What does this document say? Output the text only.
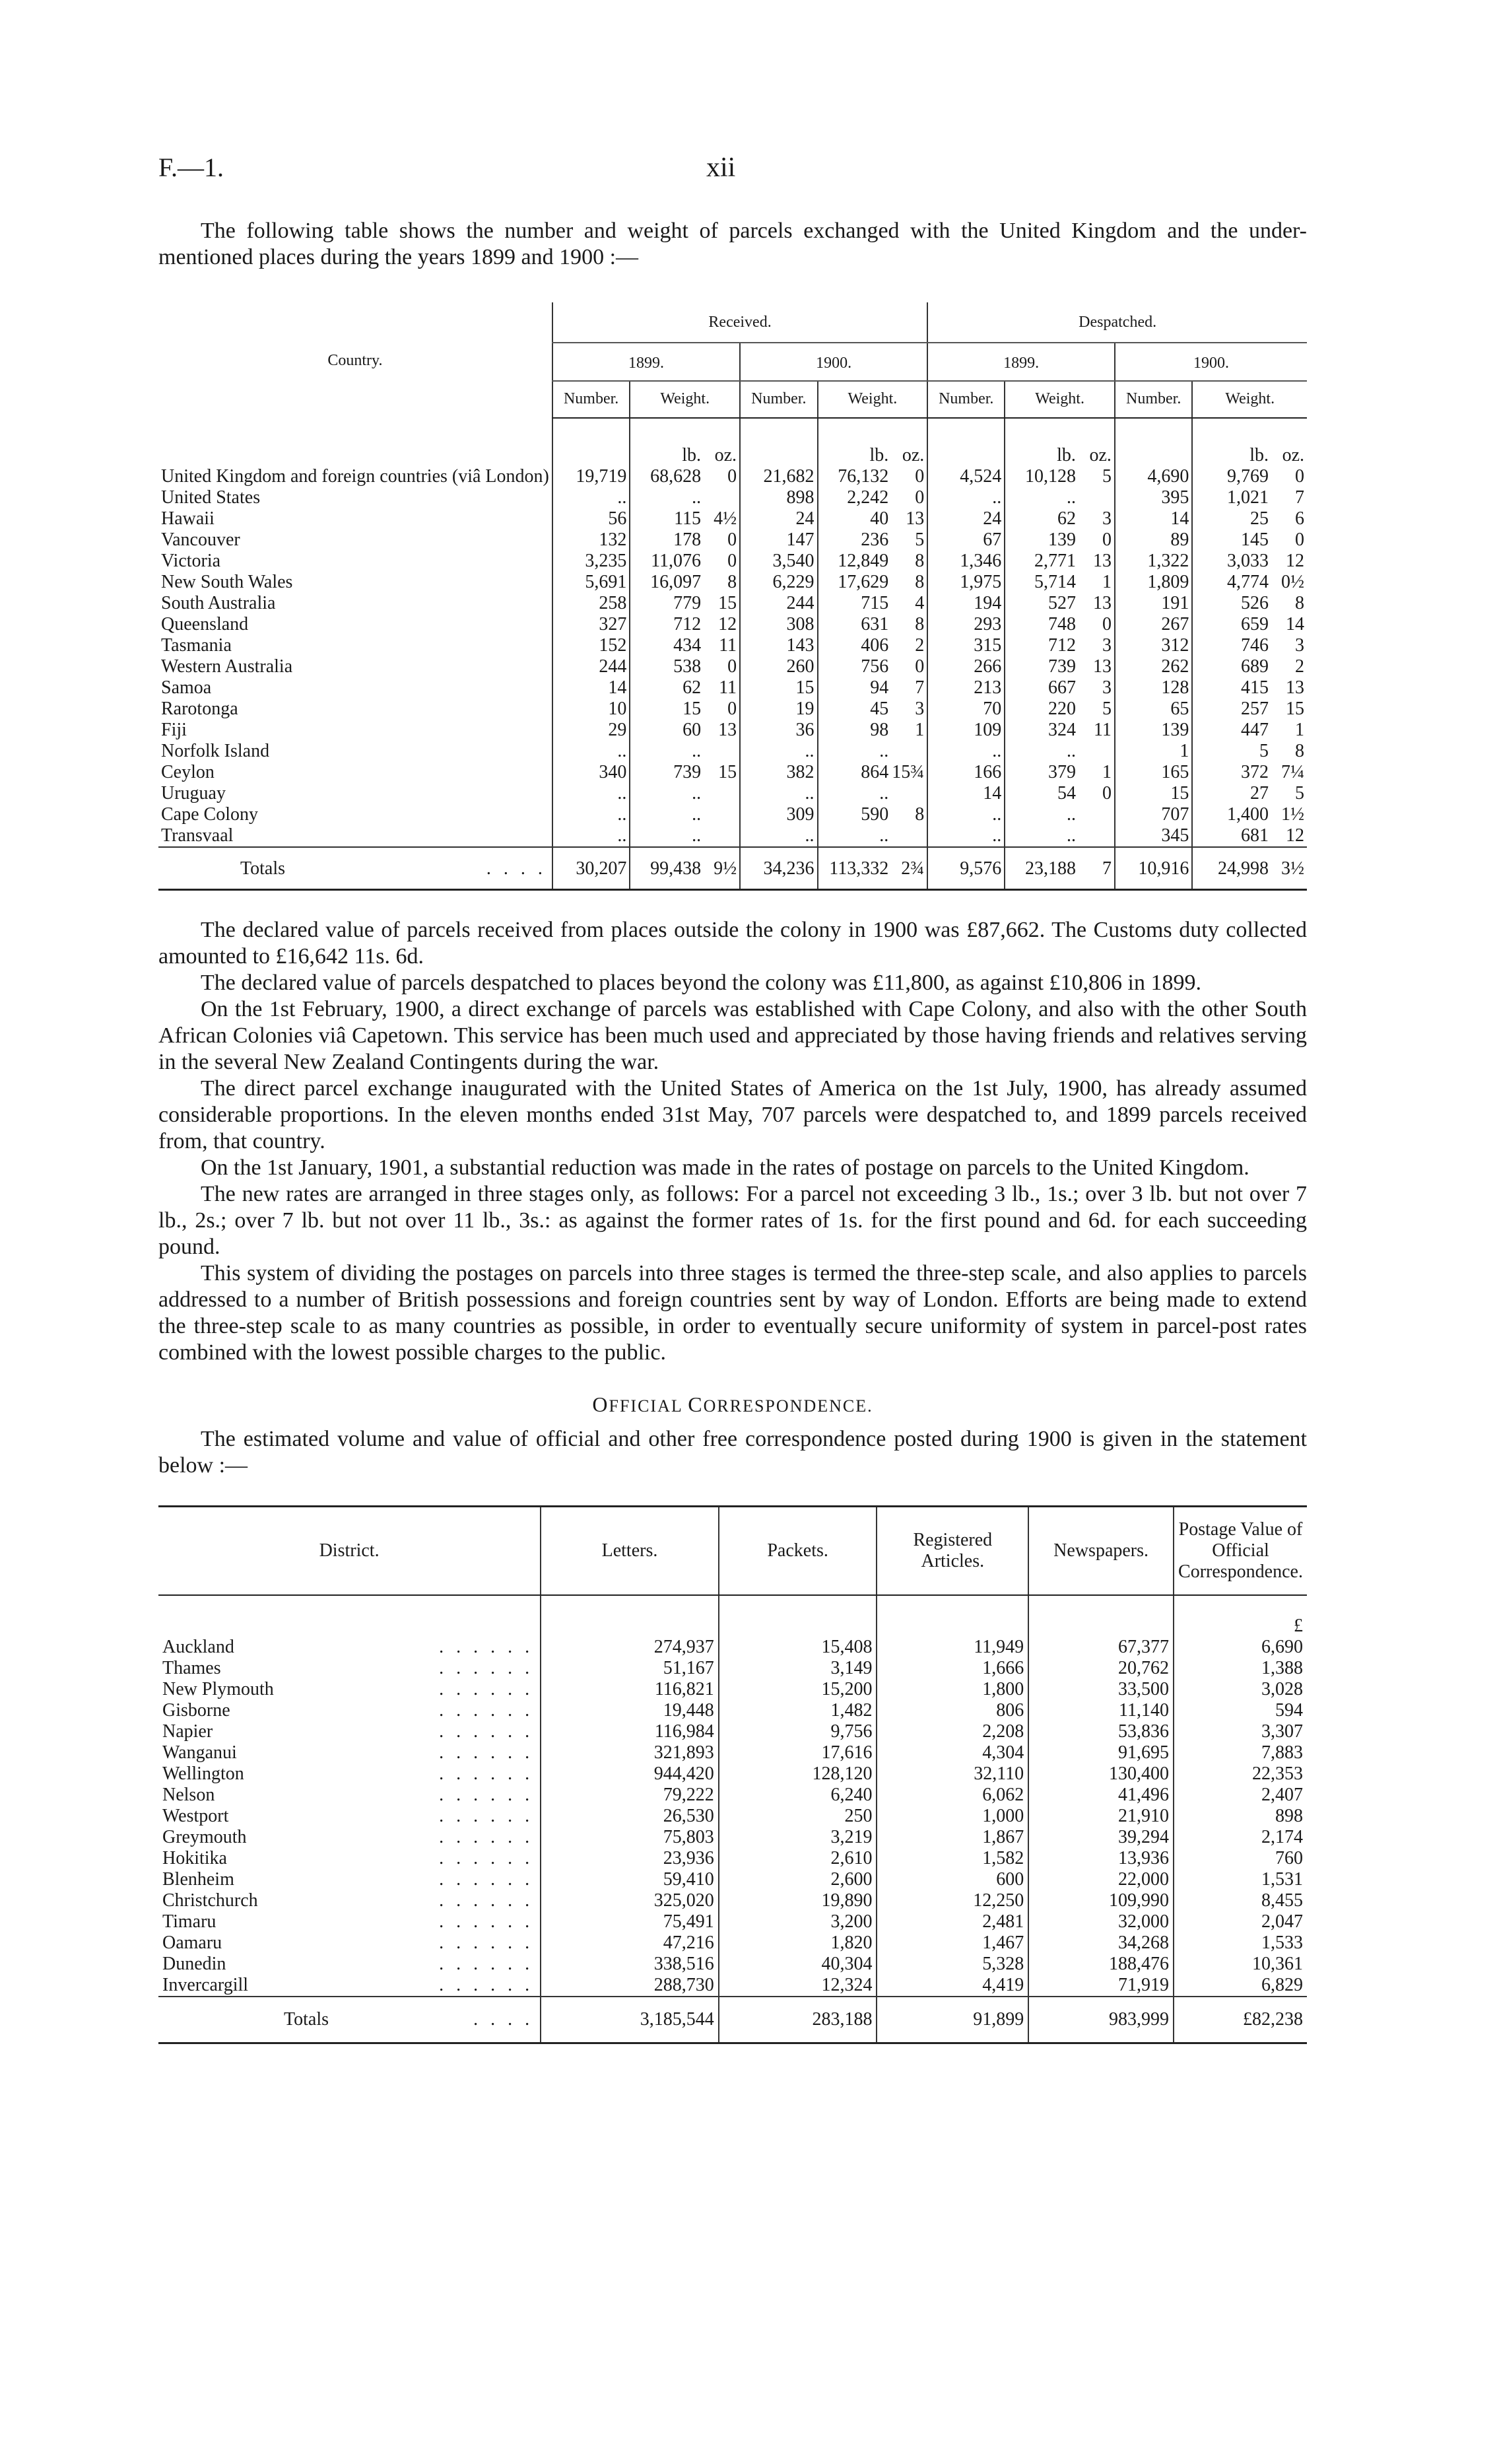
F.—1.	xii

The following table shows the number and weight of parcels exchanged with the United Kingdom and the under-mentioned places during the years 1899 and 1900 :—

Country.	Received.				Despatched.			
	1899.		1900.		1899.		1900.	
	Number.	Weight.	Number.	Weight.	Number.	Weight.	Number.	Weight.
		lb. oz.		lb. oz.		lb. oz.		lb. oz.
United Kingdom and foreign countries (viâ London)	19,719	68,628 0	21,682	76,132 0	4,524	10,128 5	4,690	9,769 0
United States	..	..	898	2,242 0	..	..	395	1,021 7
Hawaii	56	115 4½	24	40 13	24	62 3	14	25 6
Vancouver	132	178 0	147	236 5	67	139 0	89	145 0
Victoria	3,235	11,076 0	3,540	12,849 8	1,346	2,771 13	1,322	3,033 12
New South Wales	5,691	16,097 8	6,229	17,629 8	1,975	5,714 1	1,809	4,774 0½
South Australia	258	779 15	244	715 4	194	527 13	191	526 8
Queensland	327	712 12	308	631 8	293	748 0	267	659 14
Tasmania	152	434 11	143	406 2	315	712 3	312	746 3
Western Australia	244	538 0	260	756 0	266	739 13	262	689 2
Samoa	14	62 11	15	94 7	213	667 3	128	415 13
Rarotonga	10	15 0	19	45 3	70	220 5	65	257 15
Fiji	29	60 13	36	98 1	109	324 11	139	447 1
Norfolk Island	..	..	..	..	..	..	1	5 8
Ceylon	340	739 15	382	864 15¾	166	379 1	165	372 7¼
Uruguay	..	..	..	..	14	54 0	15	27 5
Cape Colony	..	..	309	590 8	..	..	707	1,400 1½
Transvaal	..	..	..	..	..	..	345	681 12
Totals . . . .	30,207	99,438 9½	34,236	113,332 2¾	9,576	23,188 7	10,916	24,998 3½

The declared value of parcels received from places outside the colony in 1900 was £87,662. The Customs duty collected amounted to £16,642 11s. 6d.

The declared value of parcels despatched to places beyond the colony was £11,800, as against £10,806 in 1899.

On the 1st February, 1900, a direct exchange of parcels was established with Cape Colony, and also with the other South African Colonies viâ Capetown. This service has been much used and appreciated by those having friends and relatives serving in the several New Zealand Contingents during the war.

The direct parcel exchange inaugurated with the United States of America on the 1st July, 1900, has already assumed considerable proportions. In the eleven months ended 31st May, 707 parcels were despatched to, and 1899 parcels received from, that country.

On the 1st January, 1901, a substantial reduction was made in the rates of postage on parcels to the United Kingdom.

The new rates are arranged in three stages only, as follows: For a parcel not exceeding 3 lb., 1s.; over 3 lb. but not over 7 lb., 2s.; over 7 lb. but not over 11 lb., 3s.: as against the former rates of 1s. for the first pound and 6d. for each succeeding pound.

This system of dividing the postages on parcels into three stages is termed the three-step scale, and also applies to parcels addressed to a number of British possessions and foreign countries sent by way of London. Efforts are being made to extend the three-step scale to as many countries as possible, in order to eventually secure uniformity of system in parcel-post rates combined with the lowest possible charges to the public.

OFFICIAL CORRESPONDENCE.

The estimated volume and value of official and other free correspondence posted during 1900 is given in the statement below :—

District.	Letters.	Packets.	Registered Articles.	Newspapers.	Postage Value of Official Correspondence.
					£
Auckland . . . . . .	274,937	15,408	11,949	67,377	6,690
Thames . . . . . .	51,167	3,149	1,666	20,762	1,388
New Plymouth . . . . . .	116,821	15,200	1,800	33,500	3,028
Gisborne . . . . . .	19,448	1,482	806	11,140	594
Napier . . . . . .	116,984	9,756	2,208	53,836	3,307
Wanganui . . . . . .	321,893	17,616	4,304	91,695	7,883
Wellington . . . . . .	944,420	128,120	32,110	130,400	22,353
Nelson . . . . . .	79,222	6,240	6,062	41,496	2,407
Westport . . . . . .	26,530	250	1,000	21,910	898
Greymouth . . . . . .	75,803	3,219	1,867	39,294	2,174
Hokitika . . . . . .	23,936	2,610	1,582	13,936	760
Blenheim . . . . . .	59,410	2,600	600	22,000	1,531
Christchurch . . . . . .	325,020	19,890	12,250	109,990	8,455
Timaru . . . . . .	75,491	3,200	2,481	32,000	2,047
Oamaru . . . . . .	47,216	1,820	1,467	34,268	1,533
Dunedin . . . . . .	338,516	40,304	5,328	188,476	10,361
Invercargill . . . . . .	288,730	12,324	4,419	71,919	6,829
Totals . . . .	3,185,544	283,188	91,899	983,999	£82,238
